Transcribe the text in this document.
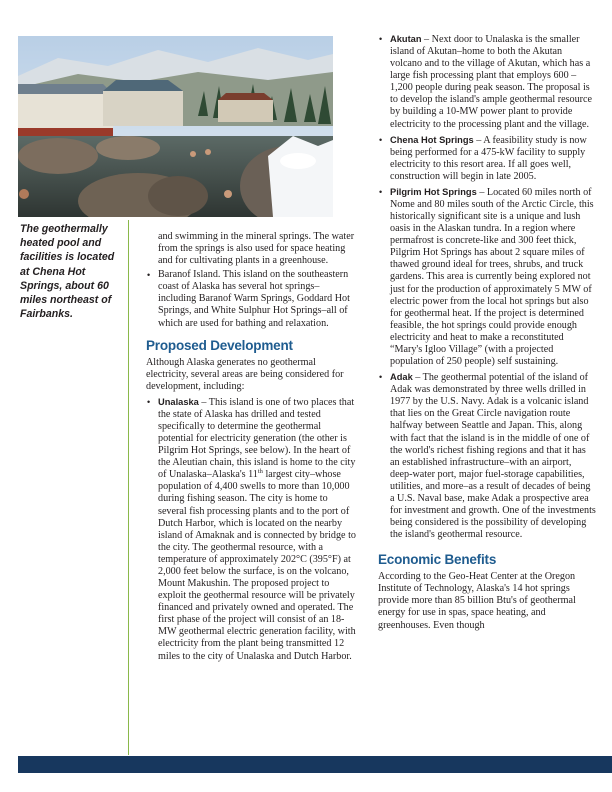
The geothermally heated pool and facilities is located at Chena Hot Springs, about 60 miles northeast of Fairbanks.

and swimming in the mineral springs. The water from the springs is also used for space heating and for cultivating plants in a greenhouse.

• Baranof Island. This island on the southeastern coast of Alaska has several hot springs–including Baranof Warm Springs, Goddard Hot Springs, and White Sulphur Hot Springs–all of which are used for bathing and relaxation.
Proposed Development

Although Alaska generates no geothermal electricity, several areas are being considered for development, including:

• Unalaska – This island is one of two places that the state of Alaska has drilled and tested specifically to determine the geothermal potential for electricity generation (the other is Pilgrim Hot Springs, see below). In the heart of the Aleutian chain, this island is home to the city of Unalaska–Alaska's 11th largest city–whose population of 4,400 swells to more than 10,000 during fishing season. The city is home to several fish processing plants and to the port of Dutch Harbor, which is located on the nearby island of Amaknak and is connected by bridge to the city. The geothermal resource, with a temperature of approximately 202°C (395°F) at 2,000 feet below the surface, is on the volcano, Mount Makushin. The proposed project to exploit the geothermal resource will be privately financed and privately owned and operated. The first phase of the project will consist of an 18-MW geothermal electric generation facility, with electricity from the plant being transmitted 12 miles to the city of Unalaska and Dutch Harbor.
• Akutan – Next door to Unalaska is the smaller island of Akutan–home to both the Akutan volcano and to the village of Akutan, which has a large fish processing plant that employs 600 – 1,200 people during peak season. The proposal is to develop the island's ample geothermal resource by building a 10-MW power plant to provide electricity to the processing plant and the village.
• Chena Hot Springs – A feasibility study is now being performed for a 475-kW facility to supply electricity to this resort area. If all goes well, construction will begin in late 2005.
• Pilgrim Hot Springs – Located 60 miles north of Nome and 80 miles south of the Arctic Circle, this historically significant site is a unique and lush oasis in the Alaskan tundra. In a region where permafrost is concrete-like and 300 feet thick, Pilgrim Hot Springs has about 2 square miles of thawed ground ideal for trees, shrubs, and truck gardens. This area is currently being explored not just for the production of approximately 5 MW of electric power from the local hot springs but also for geothermal heat. If the project is determined feasible, the hot springs could provide enough electricity and heat to make a reconstituted “Mary's Igloo Village” (with a projected population of 250 people) self sustaining.
• Adak – The geothermal potential of the island of Adak was demonstrated by three wells drilled in 1977 by the U.S. Navy. Adak is a volcanic island that lies on the Great Circle navigation route halfway between Seattle and Japan. This, along with fact that the island is in the middle of one of the world's richest fishing regions and that it has an established infrastructure–with an airport, deep-water port, major fuel-storage capabilities, utilities, and more–as a result of decades of being a U.S. Naval base, make Adak a prospective area for investment and growth. One of the investments being considered is the possibility of developing the island's geothermal resource.
Economic Benefits

According to the Geo-Heat Center at the Oregon Institute of Technology, Alaska's 14 hot springs provide more than 85 billion Btu's of geothermal energy for use in spas, space heating, and greenhouses. Even though
